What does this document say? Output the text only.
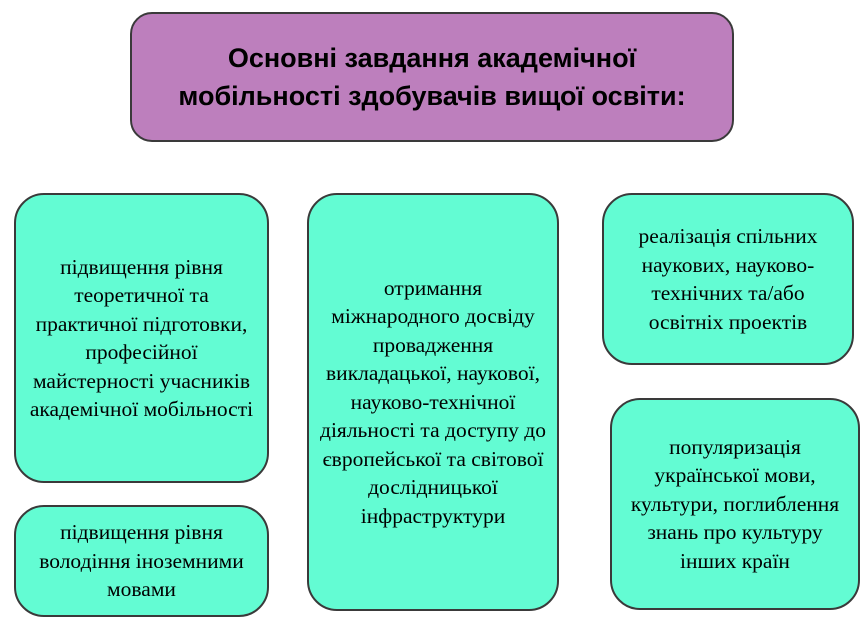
Основні завдання академічної мобільності здобувачів вищої освіти:
підвищення рівня теоретичної та практичної підготовки, професійної майстерності учасників академічної мобільності
підвищення рівня володіння іноземними мовами
отримання міжнародного досвіду провадження викладацької, наукової, науково-технічної діяльності та доступу до європейської та світової дослідницької інфраструктури
реалізація спільних наукових, науково-технічних та/або освітніх проектів
популяризація української мови, культури, поглиблення знань про культуру інших країн
